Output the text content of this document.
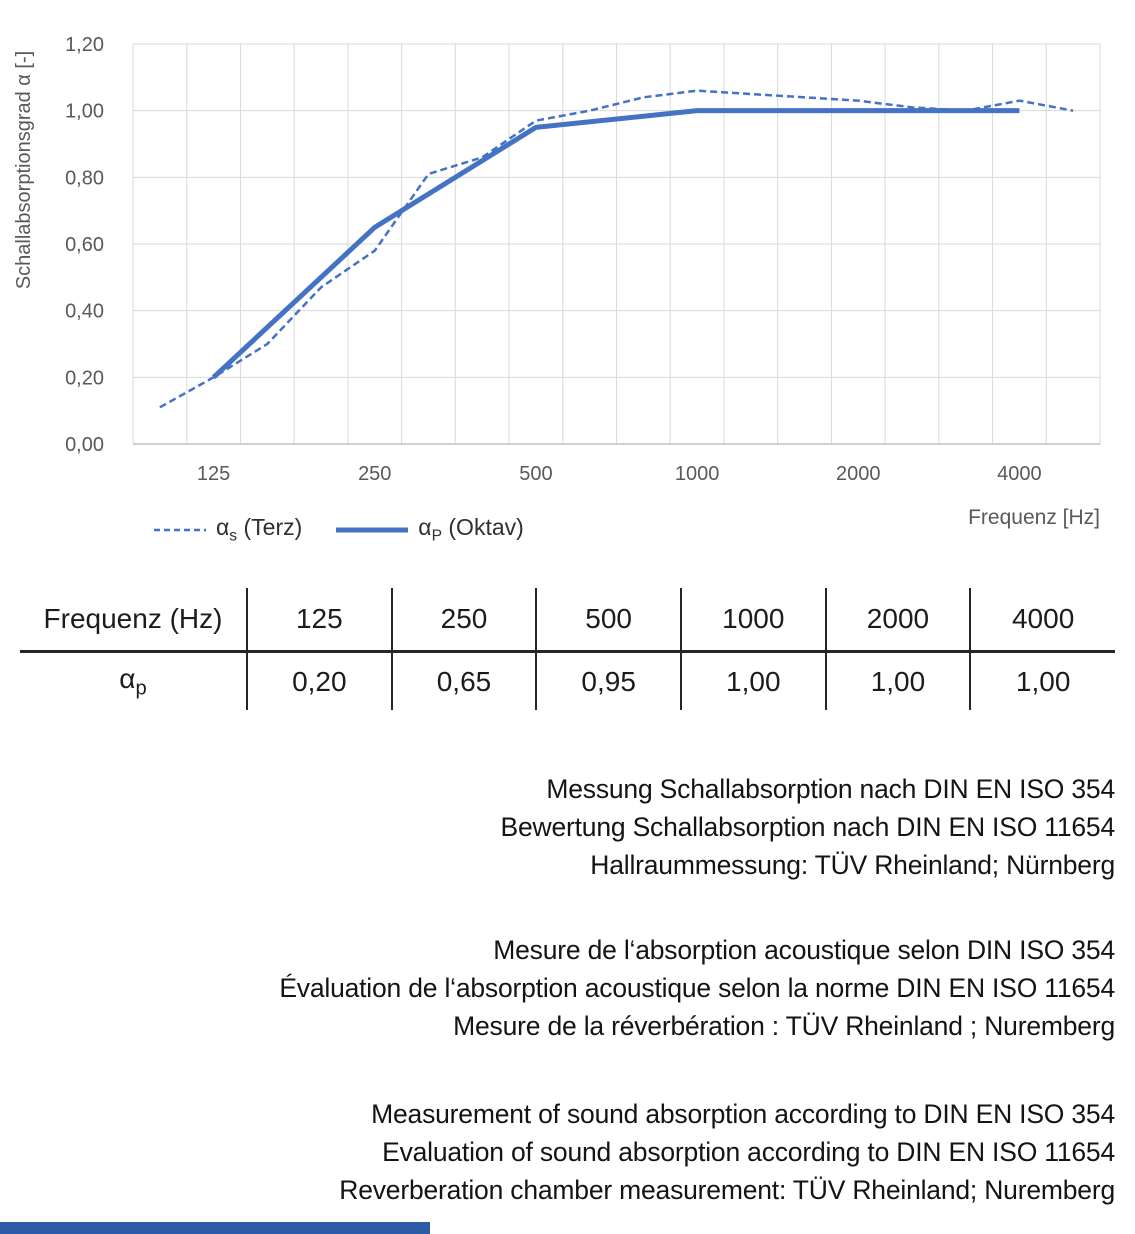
1,20
1,00
0,80
0,60
0,40
0,20
0,00
125	250	500	1000	2000	4000
Frequenz [Hz]
Schallabsorptionsgrad α [-]
$\alpha_s$ (Terz)	$\alpha_P$ (Oktav)
Frequenz (Hz)	125	250	500	1000	2000	4000
$\alpha_p$	0,20	0,65	0,95	1,00	1,00	1,00
Messung Schallabsorption nach DIN EN ISO 354
Bewertung Schallabsorption nach DIN EN ISO 11654
Hallraummessung: TÜV Rheinland; Nürnberg
Mesure de l‘absorption acoustique selon DIN ISO 354
Évaluation de l‘absorption acoustique selon la norme DIN EN ISO 11654
Mesure de la réverbération : TÜV Rheinland ; Nuremberg
Measurement of sound absorption according to DIN EN ISO 354
Evaluation of sound absorption according to DIN EN ISO 11654
Reverberation chamber measurement: TÜV Rheinland; Nuremberg
